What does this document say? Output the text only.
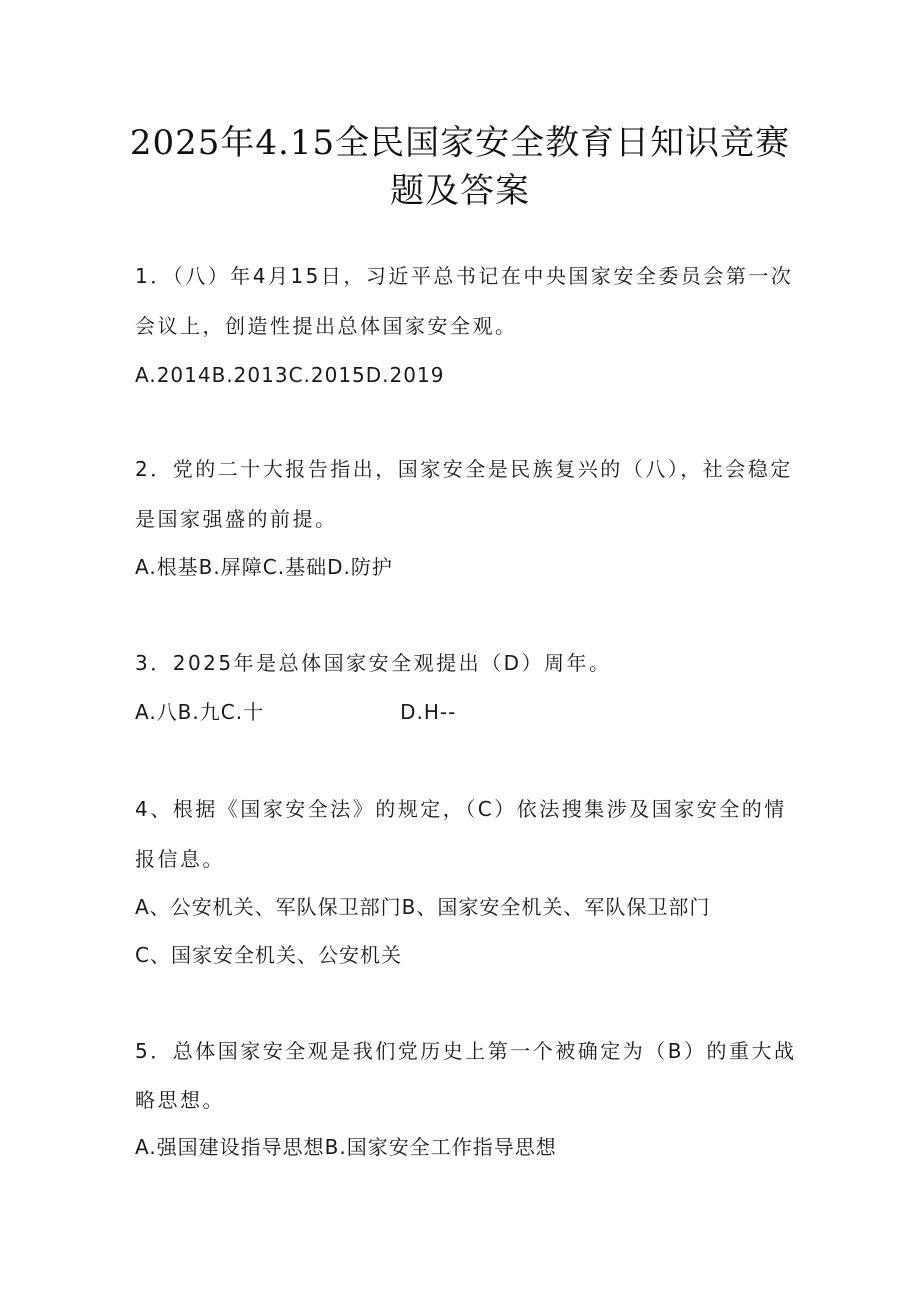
2025年4.15全民国家安全教育日知识竞赛
题及答案
1．（八）年4月15日，习近平总书记在中央国家安全委员会第一次
会议上，创造性提出总体国家安全观。
A.2014B.2013C.2015D.2019
2．党的二十大报告指出，国家安全是民族复兴的（八），社会稳定
是国家强盛的前提。
A.根基B.屏障C.基础D.防护
3．2025年是总体国家安全观提出（D）周年。
A.八B.九C.十	D.H--
4、根据《国家安全法》的规定，（C）依法搜集涉及国家安全的情
报信息。
A、公安机关、军队保卫部门B、国家安全机关、军队保卫部门
C、国家安全机关、公安机关
5．总体国家安全观是我们党历史上第一个被确定为（B）的重大战
略思想。
A.强国建设指导思想B.国家安全工作指导思想
